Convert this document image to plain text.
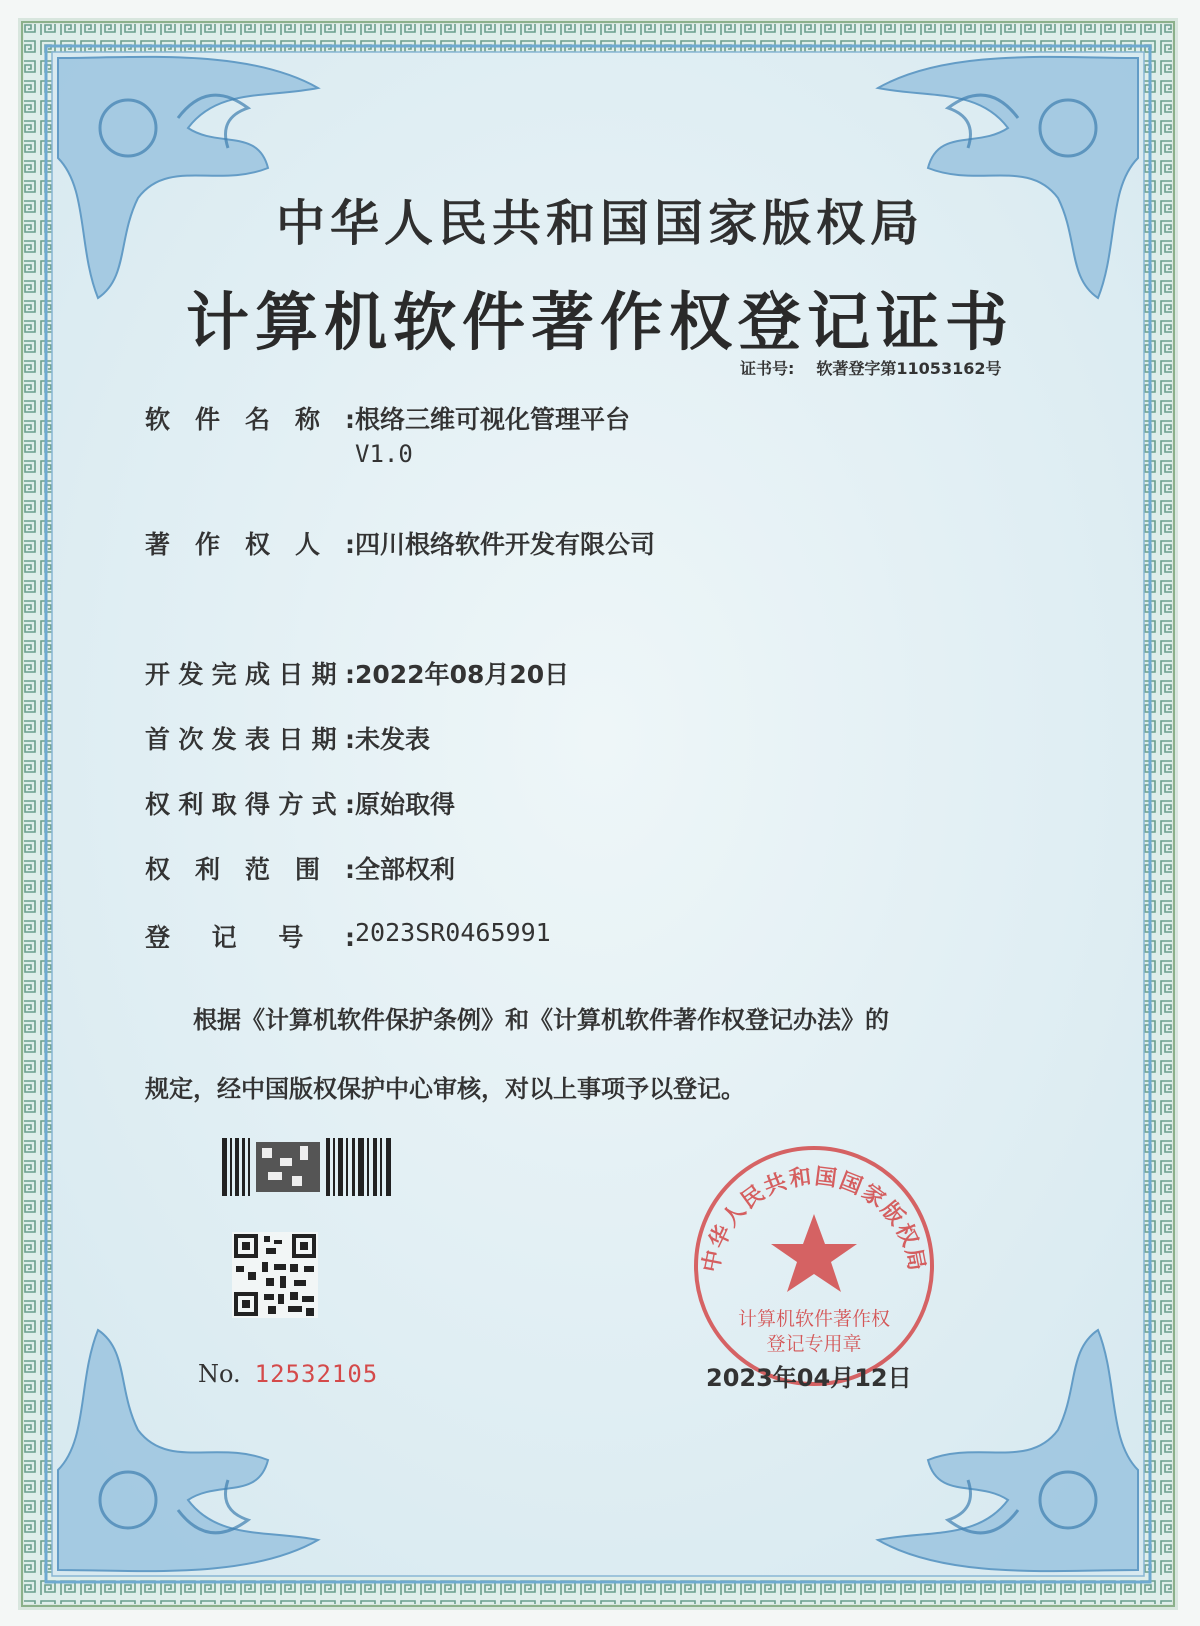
中华人民共和国国家版权局
计算机软件著作权登记证书
证书号: 软著登字第11053162号
软件名称:根络三维可视化管理平台
V1.0
著作权人:四川根络软件开发有限公司
开发完成日期:2022年08月20日
首次发表日期:未发表
权利取得方式:原始取得
权利范围:全部权利
登记号:2023SR0465991
根据《计算机软件保护条例》和《计算机软件著作权登记办法》的
规定，经中国版权保护中心审核，对以上事项予以登记。
中华人民共和国国家版权局
计算机软件著作权
登记专用章
No. 12532105	2023年04月12日
